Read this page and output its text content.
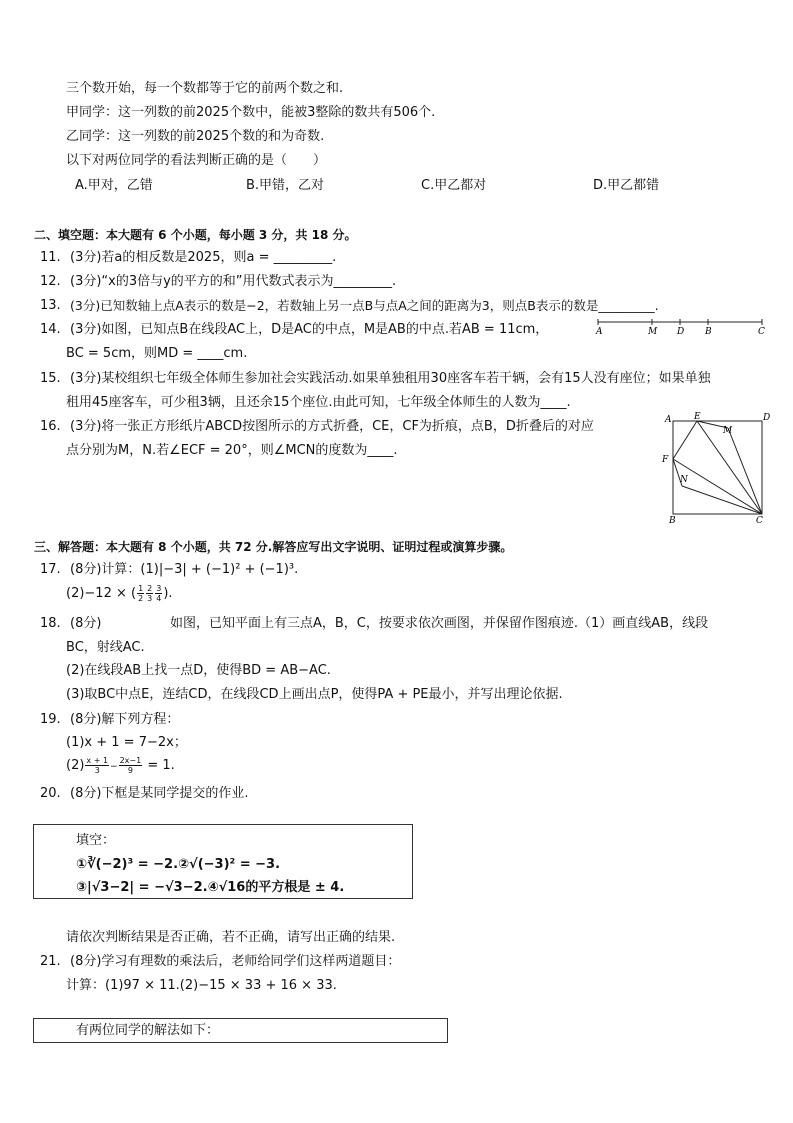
三个数开始，每一个数都等于它的前两个数之和.
甲同学：这一列数的前2025个数中，能被3整除的数共有506个.
乙同学：这一列数的前2025个数的和为奇数.
以下对两位同学的看法判断正确的是（　　）
A.甲对，乙错	B.甲错，乙对	C.甲乙都对	D.甲乙都错
二、填空题：本大题有 6 个小题，每小题 3 分，共 18 分。
11. (3分)若a的相反数是2025，则a = _________.
12. (3分)“x的3倍与y的平方的和”用代数式表示为_________.
13. (3分)已知数轴上点A表示的数是−2，若数轴上另一点B与点A之间的距离为3，则点B表示的数是_________.
14. (3分)如图，已知点B在线段AC上，D是AC的中点，M是AB的中点.若AB = 11cm，
BC = 5cm，则MD = ____cm.
A	M D B	C
15. (3分)某校组织七年级全体师生参加社会实践活动.如果单独租用30座客车若干辆，会有15人没有座位；如果单独
租用45座客车，可少租3辆，且还余15个座位.由此可知，七年级全体师生的人数为____.
16. (3分)将一张正方形纸片ABCD按图所示的方式折叠，CE，CF为折痕，点B，D折叠后的对应
点分别为M，N.若∠ECF = 20°，则∠MCN的度数为____.
A	E	D
M
F
N
B	C
三、解答题：本大题有 8 个小题，共 72 分.解答应写出文字说明、证明过程或演算步骤。
17. (8分)计算：(1)|−3| + (−1)² + (−1)³.
(2)−12 × ( $\frac{1}{2} \frac{2}{3} \frac{3}{4}$ ).
18. (8分)	如图，已知平面上有三点A，B，C，按要求依次画图，并保留作图痕迹.（1）画直线AB，线段
BC，射线AC.
(2)在线段AB上找一点D，使得BD = AB−AC.
(3)取BC中点E，连结CD，在线段CD上画出点P，使得PA + PE最小，并写出理论依据.
19. (8分)解下列方程：
(1)x + 1 = 7−2x；
$(2) \frac{x + 1}{3} - \frac{2x-1}{9} = 1$.
20. (8分)下框是某同学提交的作业.
填空：
①∛(−2)³ = −2.②√(−3)² = −3.
③|√3−2| = −√3−2.④√16的平方根是 ± 4.
请依次判断结果是否正确，若不正确，请写出正确的结果.
21. (8分)学习有理数的乘法后，老师给同学们这样两道题目：
计算：(1)97 × 11.(2)−15 × 33 + 16 × 33.
有两位同学的解法如下：
